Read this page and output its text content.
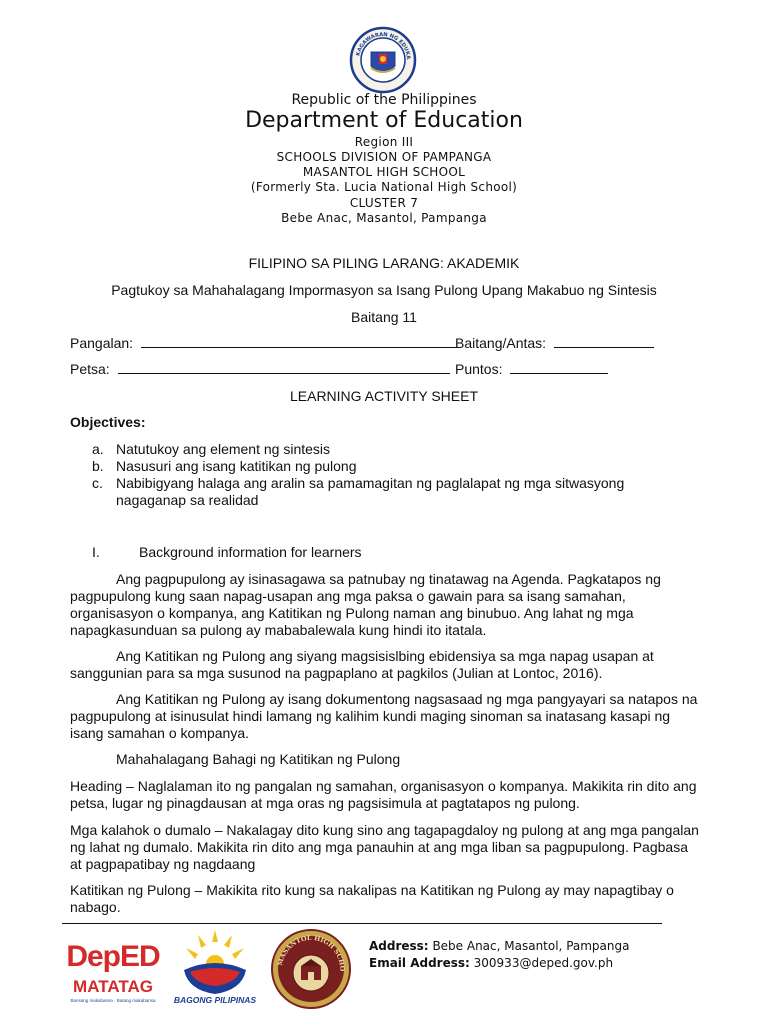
KAGAWARAN NG EDUKA
Republic of the Philippines
Department of Education
Region III
SCHOOLS DIVISION OF PAMPANGA
MASANTOL HIGH SCHOOL
(Formerly Sta. Lucia National High School)
CLUSTER 7
Bebe Anac, Masantol, Pampanga
FILIPINO SA PILING LARANG: AKADEMIK
Pagtukoy sa Mahahalagang Impormasyon sa Isang Pulong Upang Makabuo ng Sintesis
Baitang 11
Pangalan:	Baitang/Antas:
Petsa:	Puntos:
LEARNING ACTIVITY SHEET
Objectives:
a. Natutukoy ang element ng sintesis
b. Nasusuri ang isang katitikan ng pulong
c. Nabibigyang halaga ang aralin sa pamamagitan ng paglalapat ng mga sitwasyong nagaganap sa realidad
I.	Background information for learners
Ang pagpupulong ay isinasagawa sa patnubay ng tinatawag na Agenda. Pagkatapos ng pagpupulong kung saan napag-usapan ang mga paksa o gawain para sa isang samahan, organisasyon o kompanya, ang Katitikan ng Pulong naman ang binubuo. Ang lahat ng mga napagkasunduan sa pulong ay mababalewala kung hindi ito itatala.
Ang Katitikan ng Pulong ang siyang magsisislbing ebidensiya sa mga napag usapan at sanggunian para sa mga susunod na pagpaplano at pagkilos (Julian at Lontoc, 2016).
Ang Katitikan ng Pulong ay isang dokumentong nagsasaad ng mga pangyayari sa natapos na pagpupulong at isinusulat hindi lamang ng kalihim kundi maging sinoman sa inatasang kasapi ng isang samahan o kompanya.
Mahahalagang Bahagi ng Katitikan ng Pulong
Heading – Naglalaman ito ng pangalan ng samahan, organisasyon o kompanya. Makikita rin dito ang petsa, lugar ng pinagdausan at mga oras ng pagsisimula at pagtatapos ng pulong.
Mga kalahok o dumalo – Nakalagay dito kung sino ang tagapagdaloy ng pulong at ang mga pangalan ng lahat ng dumalo. Makikita rin dito ang mga panauhin at ang mga liban sa pagpupulong. Pagbasa at pagpapatibay ng nagdaang
Katitikan ng Pulong – Makikita rito kung sa nakalipas na Katitikan ng Pulong ay may napagtibay o nabago.
DepED
MATATAG
Bansang makabansa · Batang makabansa BAGONG PILIPINAS
MASANTOL HIGH SCHO
Address: Bebe Anac, Masantol, Pampanga
Email Address: 300933@deped.gov.ph
